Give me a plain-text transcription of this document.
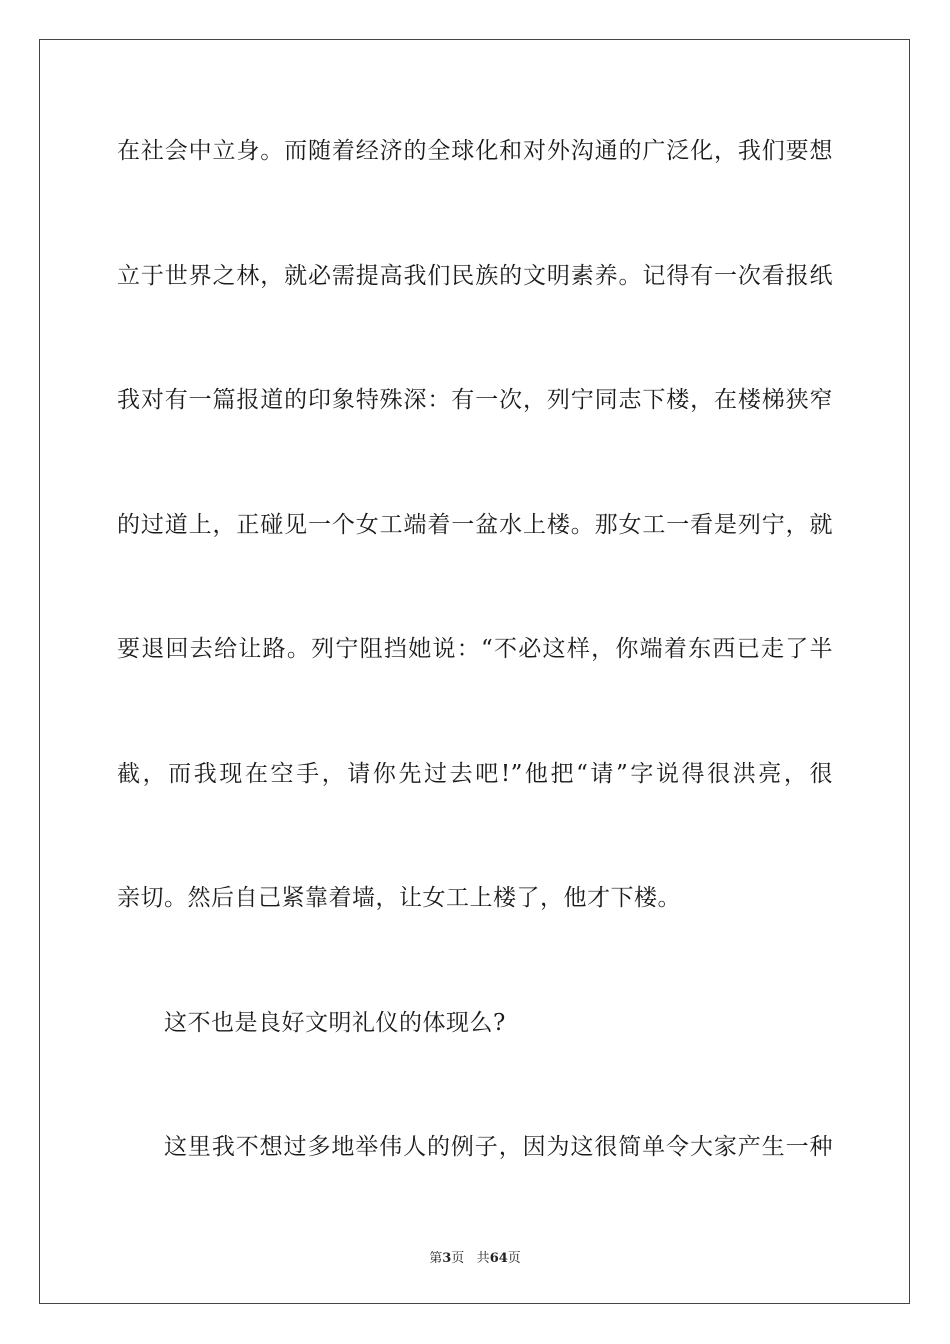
在社会中立身。而随着经济的全球化和对外沟通的广泛化，我们要想
立于世界之林，就必需提高我们民族的文明素养。记得有一次看报纸
我对有一篇报道的印象特殊深：有一次，列宁同志下楼，在楼梯狭窄
的过道上，正碰见一个女工端着一盆水上楼。那女工一看是列宁，就
要退回去给让路。列宁阻挡她说：“不必这样，你端着东西已走了半
截，而我现在空手，请你先过去吧!”他把“请”字说得很洪亮，很
亲切。然后自己紧靠着墙，让女工上楼了，他才下楼。
这不也是良好文明礼仪的体现么?
这里我不想过多地举伟人的例子，因为这很简单令大家产生一种
第3页 共64页
